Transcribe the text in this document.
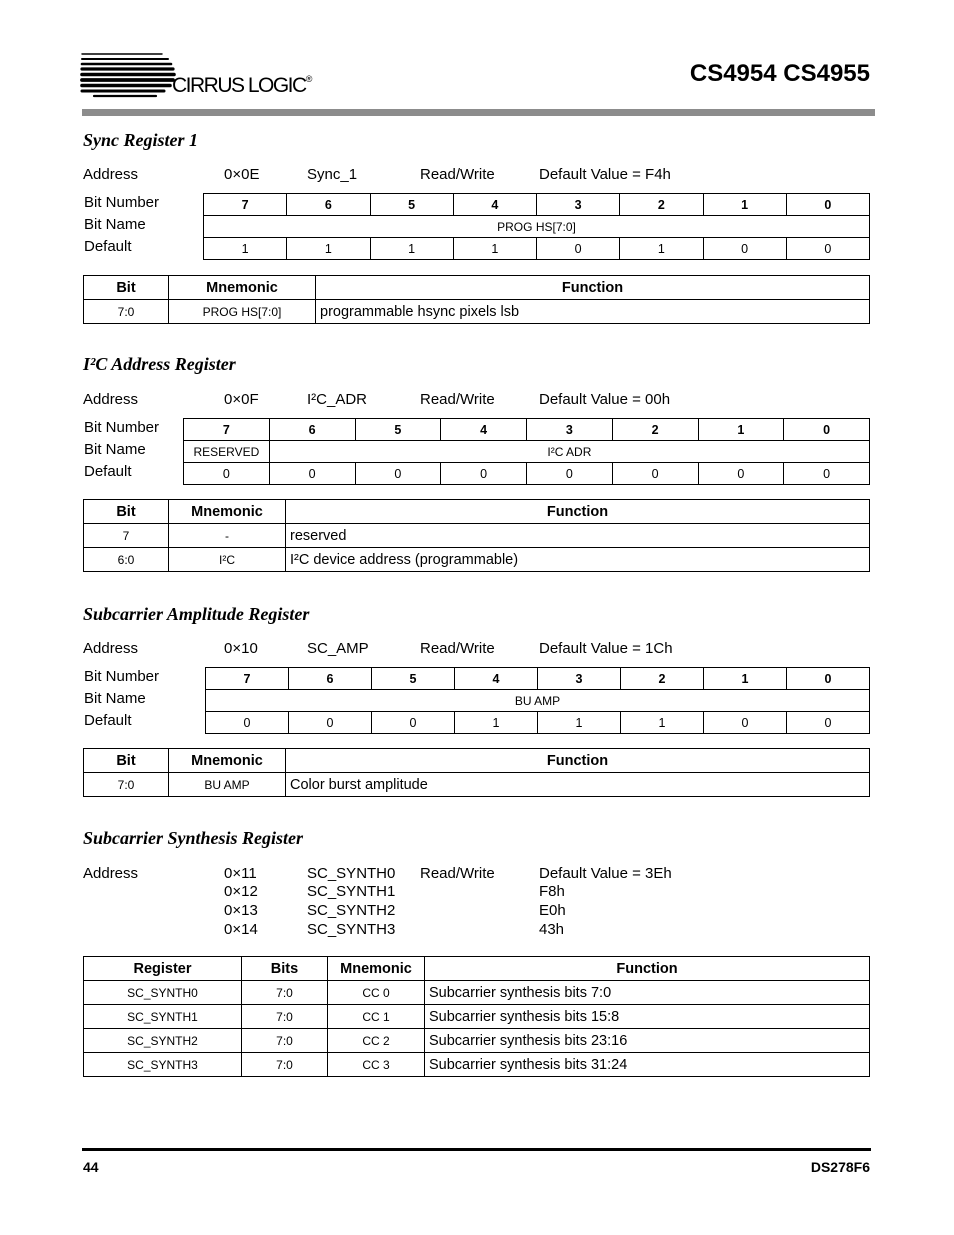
CIRRUS LOGIC®	CS4954 CS4955
Sync Register 1
Address	0×0E	Sync_1	Read/Write	Default Value = F4h
Bit Number
Bit Name
Default
7	6	5	4	3	2	1	0
PROG HS[7:0]							
1	1	1	1	0	1	0	0
Bit	Mnemonic	Function
7:0	PROG HS[7:0]	programmable hsync pixels lsb
I²C Address Register
Address	0×0F	I²C_ADR	Read/Write	Default Value = 00h
Bit Number
Bit Name
Default
7	6	5	4	3	2	1	0
RESERVED	I²C ADR						
0	0	0	0	0	0	0	0
Bit	Mnemonic	Function
7	-	reserved
6:0	I²C	I²C device address (programmable)
Subcarrier Amplitude Register
Address	0×10	SC_AMP	Read/Write	Default Value = 1Ch
Bit Number
Bit Name
Default
7	6	5	4	3	2	1	0
BU AMP							
0	0	0	1	1	1	0	0
Bit	Mnemonic	Function
7:0	BU AMP	Color burst amplitude
Subcarrier Synthesis Register
Address	Read/Write
0×11	SC_SYNTH0	Default Value = 3Eh
0×12	SC_SYNTH1	F8h
0×13	SC_SYNTH2	E0h
0×14	SC_SYNTH3	43h
Register	Bits	Mnemonic	Function
SC_SYNTH0	7:0	CC 0	Subcarrier synthesis bits 7:0
SC_SYNTH1	7:0	CC 1	Subcarrier synthesis bits 15:8
SC_SYNTH2	7:0	CC 2	Subcarrier synthesis bits 23:16
SC_SYNTH3	7:0	CC 3	Subcarrier synthesis bits 31:24
44	DS278F6
